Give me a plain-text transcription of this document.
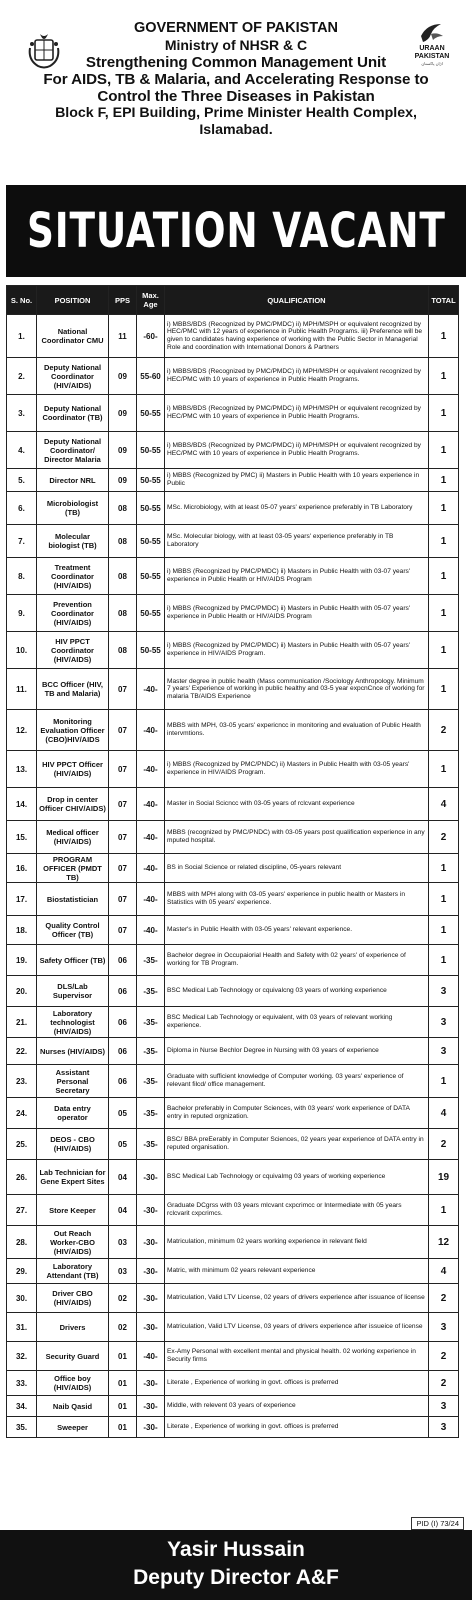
GOVERNMENT OF PAKISTAN
Ministry of NHSR & C
Strengthening Common Management Unit
For AIDS, TB & Malaria, and Accelerating Response to
Control the Three Diseases in Pakistan
Block F, EPI Building, Prime Minister Health Complex,
Islamabad.
URAAN PAKISTAN
اڑان پاکستان
SITUATION VACANT
S. No.	POSITION	PPS	Max. Age	QUALIFICATION	TOTAL
1.	National Coordinator CMU	11	-60-	i) MBBS/BDS (Recognized by PMC/PMDC) ii) MPH/MSPH or equivalent recognized by HEC/PMC with 12 years of experience in Public Health Programs. iii) Preference will be given to candidates having experience of working with the Public Sector in Managerial Role and coordination with International Donors & Partners	1
2.	Deputy National Coordinator (HIV/AIDS)	09	55-60	i) MBBS/BDS (Recognized by PMC/PMDC) ii) MPH/MSPH or equivalent recognized by HEC/PMC with 10 years of experience in Public Health Programs.	1
3.	Deputy National Coordinator (TB)	09	50-55	i) MBBS/BDS (Recognized by PMC/PMDC) ii) MPH/MSPH or equivalent recognized by HEC/PMC with 10 years of experience in Public Health Programs.	1
4.	Deputy National Coordinator/ Director Malaria	09	50-55	i) MBBS/BDS (Recognized by PMC/PMDC) ii) MPH/MSPH or equivalent recognized by HEC/PMC with 10 years of experience in Public Health Programs.	1
5.	Director NRL	09	50-55	i) MBBS (Recognized by PMC) ii) Masters in Public Health with 10 years experience in Public	1
6.	Microbiologist (TB)	08	50-55	MSc. Microbiology, with at least 05-07 years' experience preferably in TB Laboratory	1
7.	Molecular biologist (TB)	08	50-55	MSc. Molecular biology, with at least 03-05 years' experience preferably in TB Laboratory	1
8.	Treatment Coordinator (HIV/AIDS)	08	50-55	i) MBBS (Recognized by PMC/PMDC) ii) Masters in Public Health with 03-07 years' experience in Public Health or HIV/AIDS Program	1
9.	Prevention Coordinator (HIV/AIDS)	08	50-55	i) MBBS (Recognized by PMC/PMDC) ii) Masters in Public Health with 05-07 years' experience in Public Health or HIV/AIDS Program	1
10.	HIV PPCT Coordinator (HIV/AIDS)	08	50-55	i) MBBS (Recognized by PMC/PMDC) ii) Masters in Public Health with 05-07 years' experience in HIV/AIDS Program.	1
11.	BCC Officer (HIV, TB and Malaria)	07	-40-	Master degree in public health (Mass communication /Sociology Anthropology. Minimum 7 years' Experience of working in public healthy and 03-5 year expcnCnce of working for malaria TB/AIDS Experience	1
12.	Monitoring Evaluation Officer (CBO)HIV/AIDS	07	-40-	MBBS with MPH, 03-05 ycars' expericncc in monitoring and evaluation of Public Health intervmtions.	2
13.	HIV PPCT Officer (HIV/AIDS)	07	-40-	i) MBBS (Recognized by PMC/PNDC) ii) Masters in Public Health with 03-05 years' experience in HIV/AIDS Program.	1
14.	Drop in center Officer CHIV/AIDS)	07	-40-	Master in Social Scicncc with 03-05 years of rclcvant experience	4
15.	Medical officer (HIV/AIDS)	07	-40-	MBBS (recognized by PMC/PNDC) with 03-05 years post qualification experience in any mputed hospital.	2
16.	PROGRAM OFFICER (PMDT TB)	07	-40-	BS in Social Science or related discipline, 05-years relevant	1
17.	Biostatistician	07	-40-	MBBS with MPH along with 03-05 years' experience in public health or Masters in Statistics with 05 years' experience.	1
18.	Quality Control Officer (TB)	07	-40-	Master's in Public Health with 03-05 years' relevant experience.	1
19.	Safety Officer (TB)	06	-35-	Bachelor degree in Occupaiorial Health and Safety with 02 years' of experience of working for TB Program.	1
20.	DLS/Lab Supervisor	06	-35-	BSC Medical Lab Technology or cquivalcng 03 years of working experience	3
21.	Laboratory technologist (HIV/AIDS)	06	-35-	BSC Medical Lab Technology or equivalent, with 03 years of relevant working experience.	3
22.	Nurses (HIV/AIDS)	06	-35-	Diploma in Nurse Bechlor Degree in Nursing with 03 years of experience	3
23.	Assistant Personal Secretary	06	-35-	Graduate with sufficient knowledge of Computer working. 03 years' experience of relevant filcd/ office management.	1
24.	Data entry operator	05	-35-	Bachelor preferably in Computer Sciences, with 03 years' work experience of DATA entry in reputed orgnization.	4
25.	DEOS - CBO (HIV/AIDS)	05	-35-	BSC/ BBA preEerably in Computer Sciences, 02 years year experience of DATA entry in reputed organisation.	2
26.	Lab Technician for Gene Expert Sites	04	-30-	BSC Medical Lab Technology or cquivalmg 03 years of working experience	19
27.	Store Keeper	04	-30-	Graduate DCgrss with 03 years mlcvant cxpcrimcc or Intermediate with 05 years rclcvarit cxpcrimcs.	1
28.	Out Reach Worker-CBO (HIV/AIDS)	03	-30-	Matriculation, minimum 02 years working experience in relevant field	12
29.	Laboratory Attendant (TB)	03	-30-	Matric, with minimum 02 years relevant experience	4
30.	Driver CBO (HIV/AIDS)	02	-30-	Matriculation, Valid LTV License, 02 years of drivers experience after issuance of license	2
31.	Drivers	02	-30-	Matriculation, Valid LTV License, 03 years of drivers experience after issueice of license	3
32.	Security Guard	01	-40-	Ex-Amy Personal with excellent mental and physical health. 02 working experience in Security firms	2
33.	Office boy (HIV/AIDS)	01	-30-	Literate , Experience of working in govt. offices is preferred	2
34.	Naib Qasid	01	-30-	Middle, with relevent 03 years of experience	3
35.	Sweeper	01	-30-	Literate , Experience of working in govt. offices is preferred	3
PID (I) 73/24
Yasir Hussain
Deputy Director A&F
